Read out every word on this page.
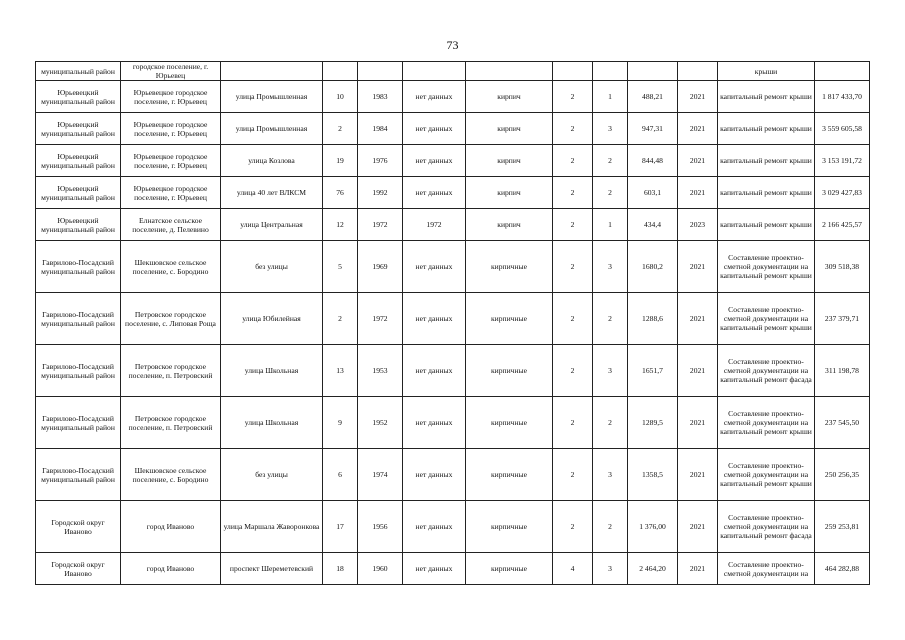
73
муниципальный район	городское поселение, г. Юрьевец										крыши	
Юрьевецкий муниципальный район	Юрьевецкое городское поселение, г. Юрьевец	улица Промышленная	10	1983	нет данных	кирпич	2	1	488,21	2021	капитальный ремонт крыши	1 817 433,70
Юрьевецкий муниципальный район	Юрьевецкое городское поселение, г. Юрьевец	улица Промышленная	2	1984	нет данных	кирпич	2	3	947,31	2021	капитальный ремонт крыши	3 559 605,58
Юрьевецкий муниципальный район	Юрьевецкое городское поселение, г. Юрьевец	улица Козлова	19	1976	нет данных	кирпич	2	2	844,48	2021	капитальный ремонт крыши	3 153 191,72
Юрьевецкий муниципальный район	Юрьевецкое городское поселение, г. Юрьевец	улица 40 лет ВЛКСМ	76	1992	нет данных	кирпич	2	2	603,1	2021	капитальный ремонт крыши	3 029 427,83
Юрьевецкий муниципальный район	Елнатское сельское поселение, д. Пелевино	улица Центральная	12	1972	1972	кирпич	2	1	434,4	2023	капитальный ремонт крыши	2 166 425,57
Гаврилово-Посадский муниципальный район	Шекшовское сельское поселение, с. Бородино	без улицы	5	1969	нет данных	кирпичные	2	3	1680,2	2021	Составление проектно-сметной документации на капитальный ремонт крыши	309 518,38
Гаврилово-Посадский муниципальный район	Петровское городское поселение, с. Липовая Роща	улица Юбилейная	2	1972	нет данных	кирпичные	2	2	1288,6	2021	Составление проектно-сметной документации на капитальный ремонт крыши	237 379,71
Гаврилово-Посадский муниципальный район	Петровское городское поселение, п. Петровский	улица Школьная	13	1953	нет данных	кирпичные	2	3	1651,7	2021	Составление проектно-сметной документации на капитальный ремонт фасада	311 198,78
Гаврилово-Посадский муниципальный район	Петровское городское поселение, п. Петровский	улица Школьная	9	1952	нет данных	кирпичные	2	2	1289,5	2021	Составление проектно-сметной документации на капитальный ремонт крыши	237 545,50
Гаврилово-Посадский муниципальный район	Шекшовское сельское поселение, с. Бородино	без улицы	6	1974	нет данных	кирпичные	2	3	1358,5	2021	Составление проектно-сметной документации на капитальный ремонт крыши	250 256,35
Городской округ Иваново	город Иваново	улица Маршала Жаворонкова	17	1956	нет данных	кирпичные	2	2	1 376,00	2021	Составление проектно-сметной документации на капитальный ремонт фасада	259 253,81
Городской округ Иваново	город Иваново	проспект Шереметевский	18	1960	нет данных	кирпичные	4	3	2 464,20	2021	Составление проектно-сметной документации на	464 282,88
